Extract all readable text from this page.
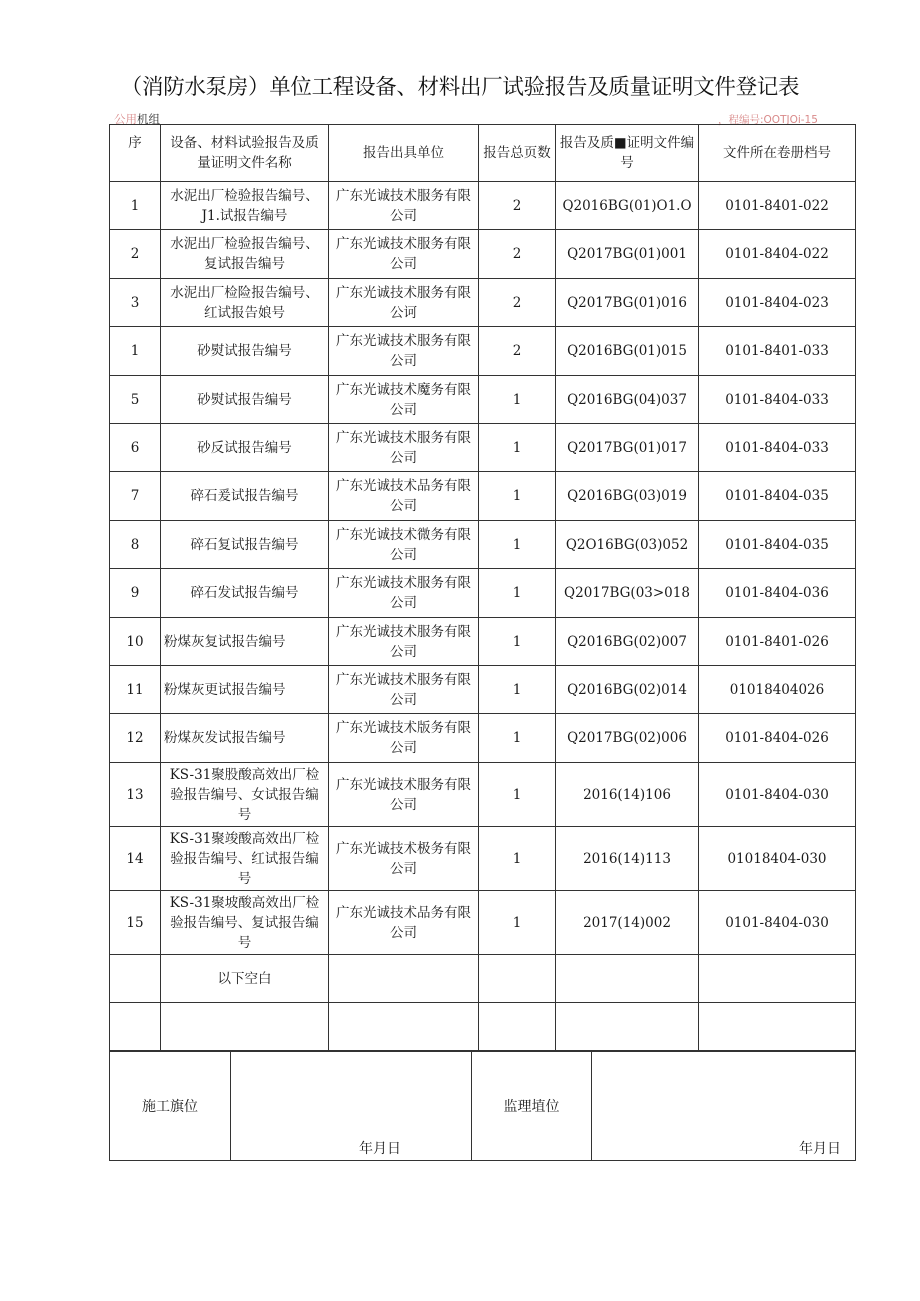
（消防水泵房）单位工程设备、材料出厂试验报告及质量证明文件登记表
公用机组	，程编号:OOTJOi-15
序	设备、材料试验报告及质量证明文件名称	报告出具单位	报告总页数	报告及质■证明文件编号	文件所在卷册档号
1	水泥出厂检验报告编号、J1.试报告编号	广东光诚技术服务有限公司	2	Q2016BG(01)O1.O	0101-8401-022
2	水泥出厂检验报告编号、复试报告编号	广东光诚技术服务有限公司	2	Q2017BG(01)001	0101-8404-022
3	水泥出厂检险报告编号、红试报告娘号	广东光诚技术服务有限公诃	2	Q2017BG(01)016	0101-8404-023
1	砂熨试报告编号	广东光诚技术服务有限公司	2	Q2016BG(01)015	0101-8401-033
5	砂熨试报告编号	广东光诚技术魔务有限公司	1	Q2016BG(04)037	0101-8404-033
6	砂反试报告编号	广东光诚技术服务有限公司	1	Q2017BG(01)017	0101-8404-033
7	碎石爰试报告编号	广东光诚技术品务有限公司	1	Q2016BG(03)019	0101-8404-035
8	碎石复试报告编号	广东光诚技术微务有限公司	1	Q2O16BG(03)052	0101-8404-035
9	碎石发试报告编号	广东光诚技术服务有限公司	1	Q2017BG(03>018	0101-8404-036
10	粉煤灰复试报告编号	广东光诚技术服务有限公司	1	Q2016BG(02)007	0101-8401-026
11	粉煤灰更试报告编号	广东光诚技术服务有限公司	1	Q2016BG(02)014	01018404026
12	粉煤灰发试报告编号	广东光诚技术版务有限公司	1	Q2017BG(02)006	0101-8404-026
13	KS-31聚股酸高效出厂检验报告编号、女试报告编号	广东光诚技术服务有限公司	1	2016(14)106	0101-8404-030
14	KS-31聚竣酸高效出厂检验报告编号、红试报告编号	广东光诚技术极务有限公司	1	2016(14)113	01018404-030
15	KS-31聚坡酸高效出厂检验报告编号、复试报告编号	广东光诚技术品务有限公司	1	2017(14)002	0101-8404-030
	以下空白				

施工旗位	
年月日
	监理埴位	
年月日
